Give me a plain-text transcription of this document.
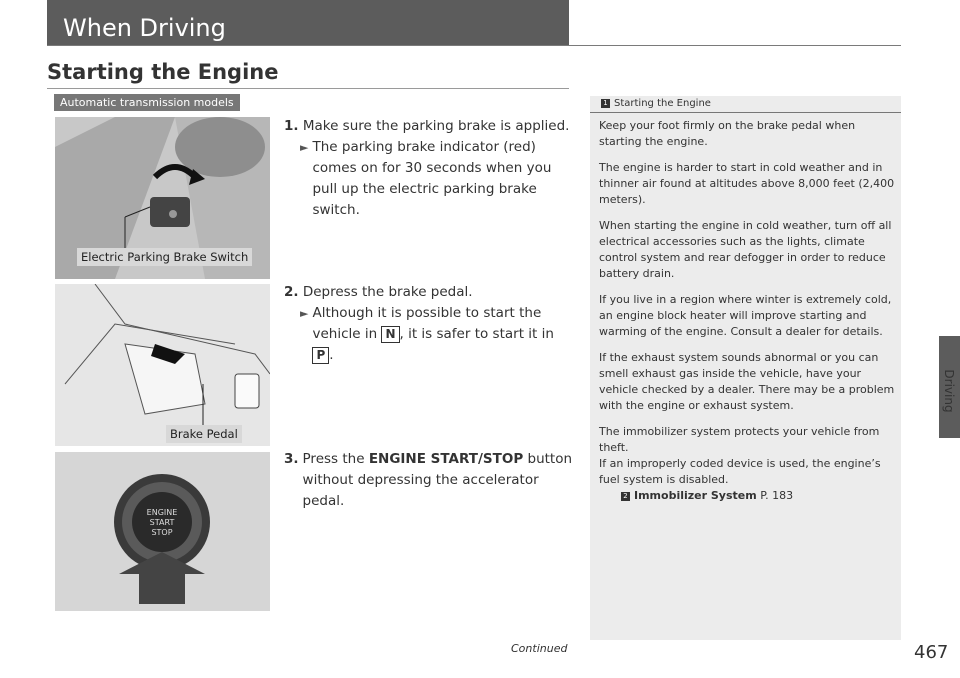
When Driving
Starting the Engine
Automatic transmission models
Electric Parking Brake Switch
Brake Pedal
ENGINE
START
STOP
1. Make sure the parking brake is applied.
► The parking brake indicator (red) comes on for 30 seconds when you pull up the electric parking brake switch.
2. Depress the brake pedal.
► Although it is possible to start the vehicle in N , it is safer to start it in P .
3. Press the ENGINE START/STOP button without depressing the accelerator pedal.
1 Starting the Engine

Keep your foot firmly on the brake pedal when starting the engine.

The engine is harder to start in cold weather and in thinner air found at altitudes above 8,000 feet (2,400 meters).

When starting the engine in cold weather, turn off all electrical accessories such as the lights, climate control system and rear defogger in order to reduce battery drain.

If you live in a region where winter is extremely cold, an engine block heater will improve starting and warming of the engine. Consult a dealer for details.

If the exhaust system sounds abnormal or you can smell exhaust gas inside the vehicle, have your vehicle checked by a dealer. There may be a problem with the engine or exhaust system.

The immobilizer system protects your vehicle from theft.

If an improperly coded device is used, the engine’s fuel system is disabled.

2 Immobilizer System P. 183

Driving
Continued	467
